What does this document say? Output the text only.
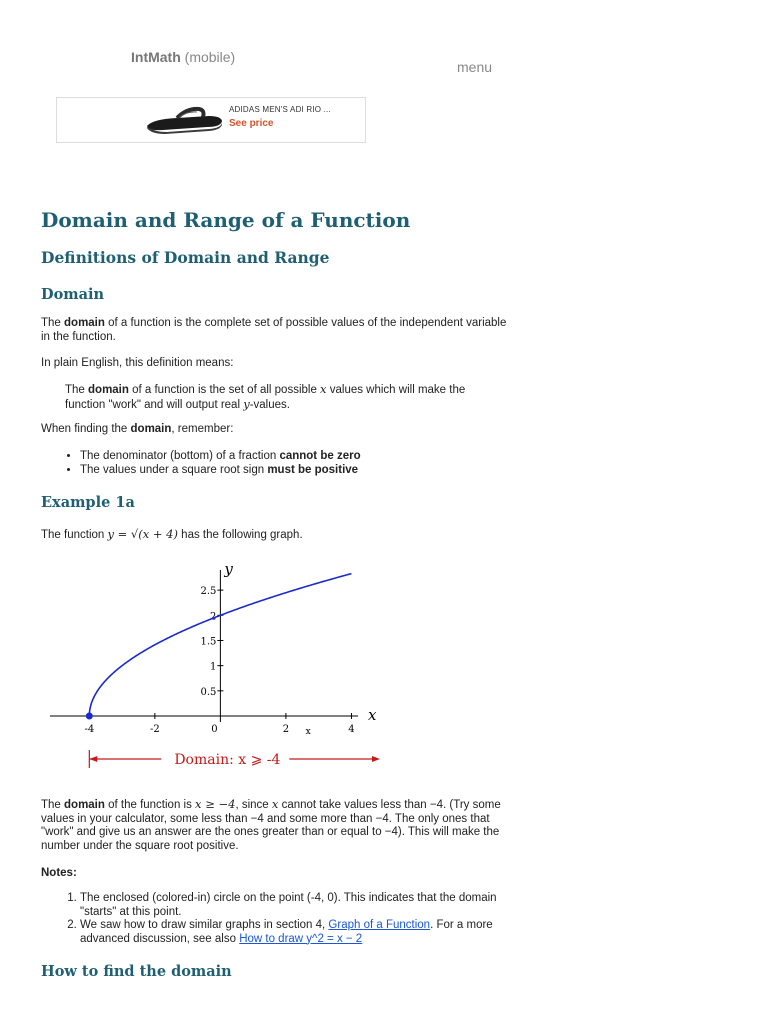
IntMath (mobile)
menu
ADIDAS MEN'S ADI RIO ...
See price
Domain and Range of a Function
Definitions of Domain and Range
Domain

The domain of a function is the complete set of possible values of the independent variable in the function.

In plain English, this definition means:

The domain of a function is the set of all possible x values which will make the function "work" and will output real y-values.

When finding the domain, remember:

• The denominator (bottom) of a fraction cannot be zero
• The values under a square root sign must be positive
Example 1a

The function y = √(x + 4) has the following graph.

-4	-2	0	2	4
0.5
1
1.5
2
2.5
x
y
x
Domain: x ⩾ -4

The domain of the function is x ≥ −4, since x cannot take values less than −4. (Try some values in your calculator, some less than −4 and some more than −4. The only ones that "work" and give us an answer are the ones greater than or equal to −4). This will make the number under the square root positive.

Notes:

1. The enclosed (colored-in) circle on the point (-4, 0). This indicates that the domain "starts" at this point.
2. We saw how to draw similar graphs in section 4, Graph of a Function. For a more advanced discussion, see also How to draw y^2 = x − 2
How to find the domain
